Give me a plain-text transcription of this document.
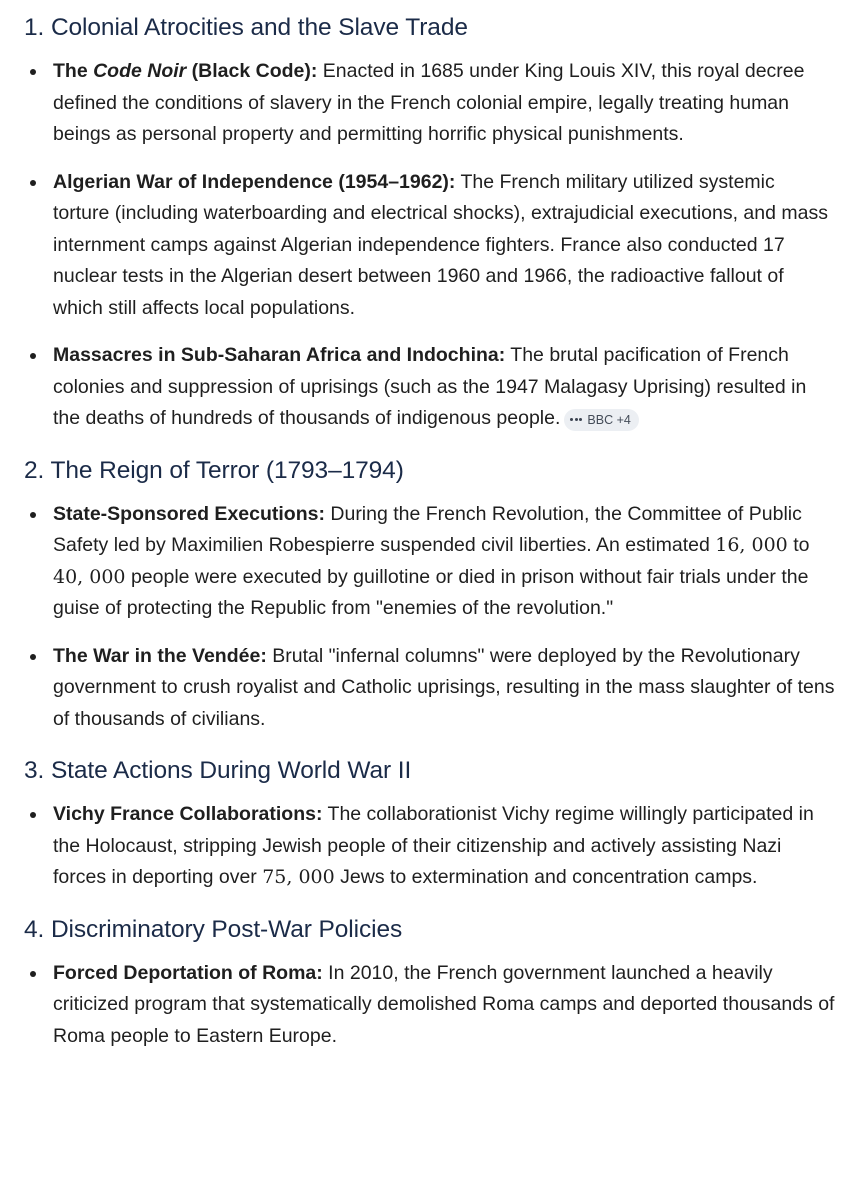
1. Colonial Atrocities and the Slave Trade
The Code Noir (Black Code): Enacted in 1685 under King Louis XIV, this royal decree defined the conditions of slavery in the French colonial empire, legally treating human beings as personal property and permitting horrific physical punishments.
Algerian War of Independence (1954–1962): The French military utilized systemic torture (including waterboarding and electrical shocks), extrajudicial executions, and mass internment camps against Algerian independence fighters. France also conducted 17 nuclear tests in the Algerian desert between 1960 and 1966, the radioactive fallout of which still affects local populations.
Massacres in Sub-Saharan Africa and Indochina: The brutal pacification of French colonies and suppression of uprisings (such as the 1947 Malagasy Uprising) resulted in the deaths of hundreds of thousands of indigenous people. BBC +4
2. The Reign of Terror (1793–1794)
State-Sponsored Executions: During the French Revolution, the Committee of Public Safety led by Maximilien Robespierre suspended civil liberties. An estimated 16, 000 to 40, 000 people were executed by guillotine or died in prison without fair trials under the guise of protecting the Republic from "enemies of the revolution."
The War in the Vendée: Brutal "infernal columns" were deployed by the Revolutionary government to crush royalist and Catholic uprisings, resulting in the mass slaughter of tens of thousands of civilians.
3. State Actions During World War II
Vichy France Collaborations: The collaborationist Vichy regime willingly participated in the Holocaust, stripping Jewish people of their citizenship and actively assisting Nazi forces in deporting over 75, 000 Jews to extermination and concentration camps.
4. Discriminatory Post-War Policies
Forced Deportation of Roma: In 2010, the French government launched a heavily criticized program that systematically demolished Roma camps and deported thousands of Roma people to Eastern Europe.
